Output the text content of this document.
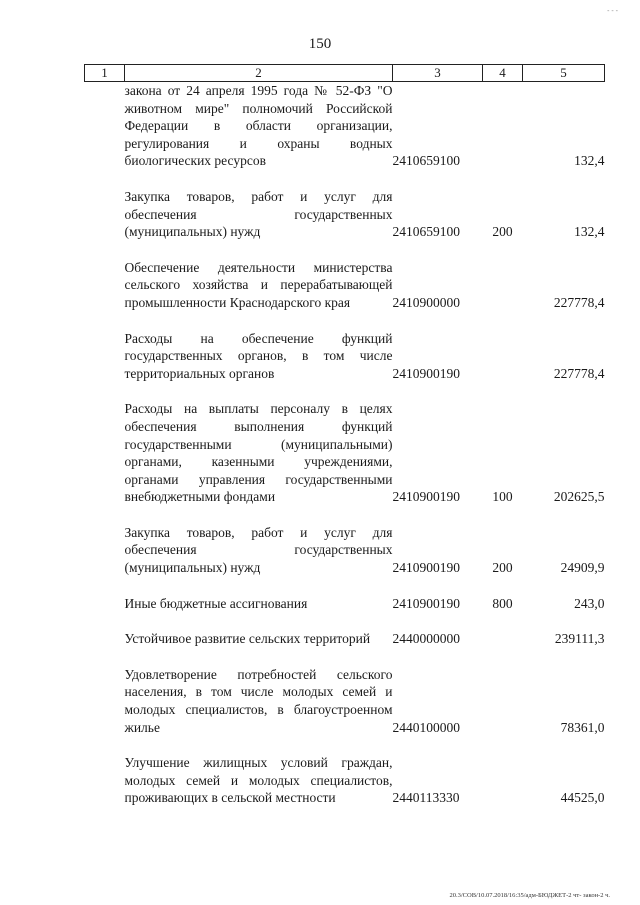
- - -
150
1	2	3	4	5
	закона от 24 апреля 1995 года № 52-ФЗ "О животном мире" полномочий Российской Федерации в области организации, регулирования и охраны водных биологических ресурсов	2410659100		132,4

	Закупка товаров, работ и услуг для обеспечения государственных (муниципальных) нужд	2410659100	200	132,4

	Обеспечение деятельности министерства сельского хозяйства и перерабатывающей промышленности Краснодарского края	2410900000		227778,4

	Расходы на обеспечение функций государственных органов, в том числе территориальных органов	2410900190		227778,4

	Расходы на выплаты персоналу в целях обеспечения выполнения функций государственными (муниципальными) органами, казенными учреждениями, органами управления государственными внебюджетными фондами	2410900190	100	202625,5

	Закупка товаров, работ и услуг для обеспечения государственных (муниципальных) нужд	2410900190	200	24909,9

	Иные бюджетные ассигнования	2410900190	800	243,0

	Устойчивое развитие сельских территорий	2440000000		239111,3

	Удовлетворение потребностей сельского населения, в том числе молодых семей и молодых специалистов, в благоустроенном жилье	2440100000		78361,0

	Улучшение жилищных условий граждан, молодых семей и молодых специалистов, проживающих в сельской местности	2440113330		44525,0
20.3/СОВ/10.07.2018/16:35/адм-БЮДЖЕТ-2 чт- закон-2 ч.
